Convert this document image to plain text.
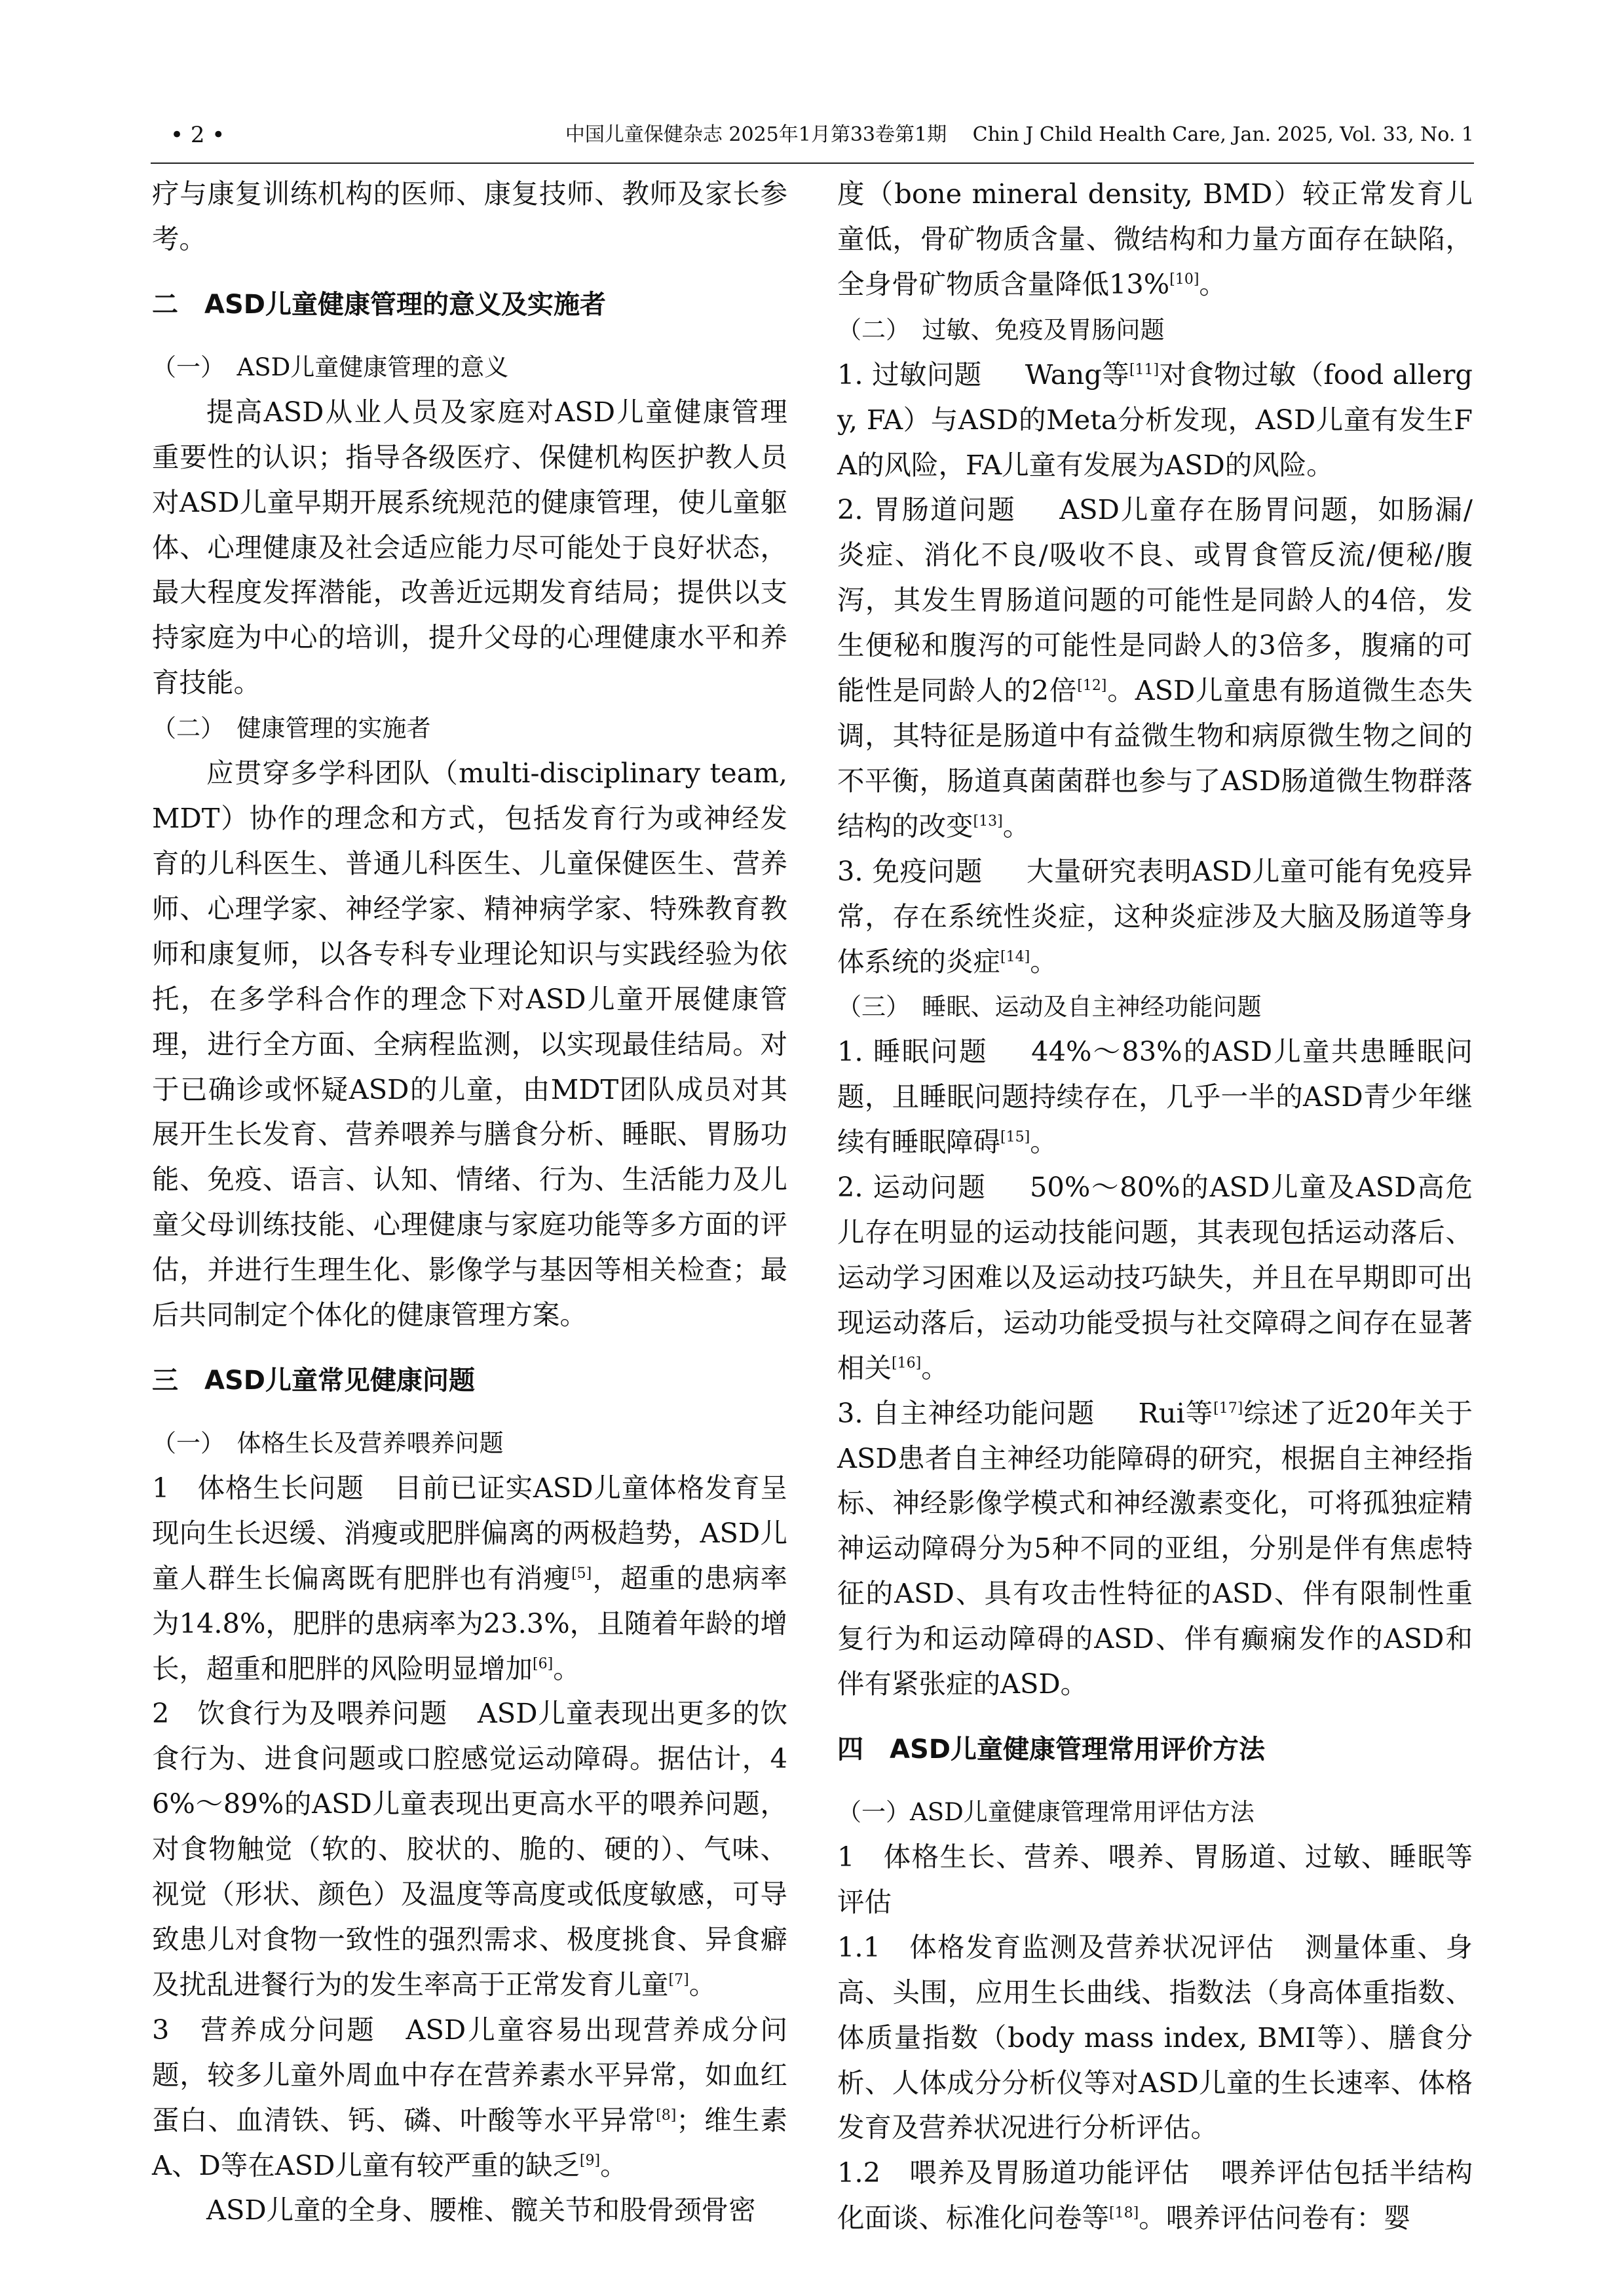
• 2 •	中国儿童保健杂志 2025年1月第33卷第1期　 Chin J Child Health Care, Jan. 2025, Vol. 33, No. 1

疗与康复训练机构的医师、康复技师、教师及家长参考。

二　ASD儿童健康管理的意义及实施者
（一）　ASD儿童健康管理的意义

提高ASD从业人员及家庭对ASD儿童健康管理重要性的认识；指导各级医疗、保健机构医护教人员对ASD儿童早期开展系统规范的健康管理，使儿童躯体、心理健康及社会适应能力尽可能处于良好状态，最大程度发挥潜能，改善近远期发育结局；提供以支持家庭为中心的培训，提升父母的心理健康水平和养育技能。

（二）　健康管理的实施者

应贯穿多学科团队（multi-disciplinary team, MDT）协作的理念和方式，包括发育行为或神经发育的儿科医生、普通儿科医生、儿童保健医生、营养师、心理学家、神经学家、精神病学家、特殊教育教师和康复师，以各专科专业理论知识与实践经验为依托，在多学科合作的理念下对ASD儿童开展健康管理，进行全方面、全病程监测，以实现最佳结局。对于已确诊或怀疑ASD的儿童，由MDT团队成员对其展开生长发育、营养喂养与膳食分析、睡眠、胃肠功能、免疫、语言、认知、情绪、行为、生活能力及儿童父母训练技能、心理健康与家庭功能等多方面的评估，并进行生理生化、影像学与基因等相关检查；最后共同制定个体化的健康管理方案。

三　ASD儿童常见健康问题
（一）　体格生长及营养喂养问题

1　体格生长问题 目前已证实ASD儿童体格发育呈现向生长迟缓、消瘦或肥胖偏离的两极趋势，ASD儿童人群生长偏离既有肥胖也有消瘦[5]，超重的患病率为14.8%，肥胖的患病率为23.3%，且随着年龄的增长，超重和肥胖的风险明显增加[6]。

2　饮食行为及喂养问题 ASD儿童表现出更多的饮食行为、进食问题或口腔感觉运动障碍。据估计，46%～89%的ASD儿童表现出更高水平的喂养问题，对食物触觉（软的、胶状的、脆的、硬的）、气味、视觉（形状、颜色）及温度等高度或低度敏感，可导致患儿对食物一致性的强烈需求、极度挑食、异食癖及扰乱进餐行为的发生率高于正常发育儿童[7]。

3　营养成分问题 ASD儿童容易出现营养成分问题，较多儿童外周血中存在营养素水平异常，如血红蛋白、血清铁、钙、磷、叶酸等水平异常[8]；维生素A、D等在ASD儿童有较严重的缺乏[9]。

ASD儿童的全身、腰椎、髋关节和股骨颈骨密

度（bone mineral density, BMD）较正常发育儿童低，骨矿物质含量、微结构和力量方面存在缺陷，全身骨矿物质含量降低13%[10]。

（二）　过敏、免疫及胃肠问题

1. 过敏问题 Wang等[11]对食物过敏（food allergy, FA）与ASD的Meta分析发现，ASD儿童有发生FA的风险，FA儿童有发展为ASD的风险。

2. 胃肠道问题 ASD儿童存在肠胃问题，如肠漏/炎症、消化不良/吸收不良、或胃食管反流/便秘/腹泻，其发生胃肠道问题的可能性是同龄人的4倍，发生便秘和腹泻的可能性是同龄人的3倍多，腹痛的可能性是同龄人的2倍[12]。ASD儿童患有肠道微生态失调，其特征是肠道中有益微生物和病原微生物之间的不平衡，肠道真菌菌群也参与了ASD肠道微生物群落结构的改变[13]。

3. 免疫问题 大量研究表明ASD儿童可能有免疫异常，存在系统性炎症，这种炎症涉及大脑及肠道等身体系统的炎症[14]。

（三）　睡眠、运动及自主神经功能问题

1. 睡眠问题 44%～83%的ASD儿童共患睡眠问题，且睡眠问题持续存在，几乎一半的ASD青少年继续有睡眠障碍[15]。

2. 运动问题 50%～80%的ASD儿童及ASD高危儿存在明显的运动技能问题，其表现包括运动落后、运动学习困难以及运动技巧缺失，并且在早期即可出现运动落后，运动功能受损与社交障碍之间存在显著相关[16]。

3. 自主神经功能问题 Rui等[17]综述了近20年关于ASD患者自主神经功能障碍的研究，根据自主神经指标、神经影像学模式和神经激素变化，可将孤独症精神运动障碍分为5种不同的亚组，分别是伴有焦虑特征的ASD、具有攻击性特征的ASD、伴有限制性重复行为和运动障碍的ASD、伴有癫痫发作的ASD和伴有紧张症的ASD。

四　ASD儿童健康管理常用评价方法
（一）ASD儿童健康管理常用评估方法

1　体格生长、营养、喂养、胃肠道、过敏、睡眠等评估

1.1　体格发育监测及营养状况评估 测量体重、身高、头围，应用生长曲线、指数法（身高体重指数、体质量指数（body mass index, BMI等）、膳食分析、人体成分分析仪等对ASD儿童的生长速率、体格发育及营养状况进行分析评估。

1.2　喂养及胃肠道功能评估 喂养评估包括半结构化面谈、标准化问卷等[18]。喂养评估问卷有：婴
